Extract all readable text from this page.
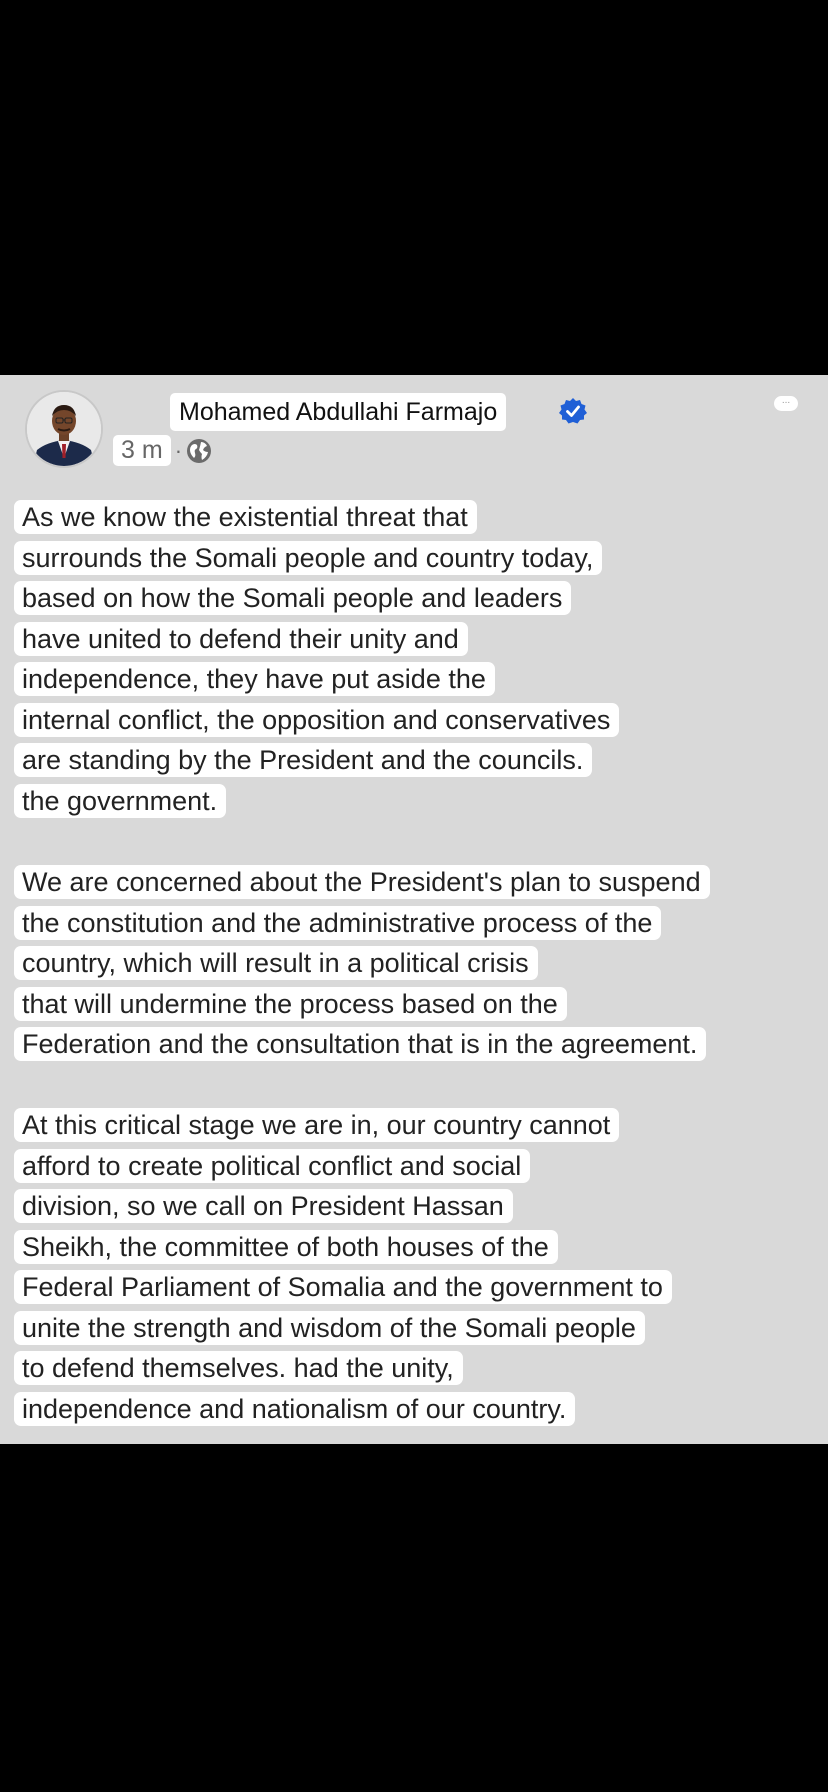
Mohamed Abdullahi Farmajo	...
3 m ·
As we know the existential threat that
surrounds the Somali people and country today,
based on how the Somali people and leaders
have united to defend their unity and
independence, they have put aside the
internal conflict, the opposition and conservatives
are standing by the President and the councils.
the government.
We are concerned about the President's plan to suspend
the constitution and the administrative process of the
country, which will result in a political crisis
that will undermine the process based on the
Federation and the consultation that is in the agreement.
At this critical stage we are in, our country cannot
afford to create political conflict and social
division, so we call on President Hassan
Sheikh, the committee of both houses of the
Federal Parliament of Somalia and the government to
unite the strength and wisdom of the Somali people
to defend themselves. had the unity,
independence and nationalism of our country.
